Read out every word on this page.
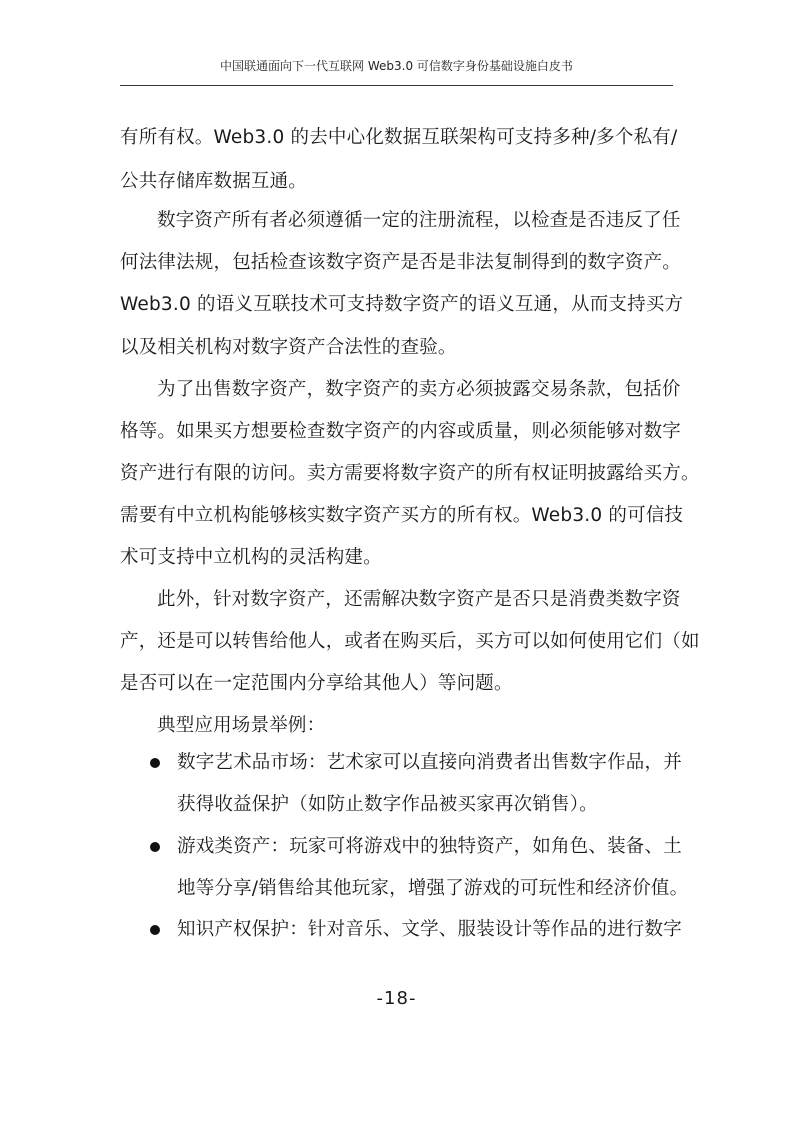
中国联通面向下一代互联网 Web3.0 可信数字身份基础设施白皮书
有所有权。Web3.0 的去中心化数据互联架构可支持多种/多个私有/
公共存储库数据互通。
数字资产所有者必须遵循一定的注册流程，以检查是否违反了任
何法律法规，包括检查该数字资产是否是非法复制得到的数字资产。
Web3.0 的语义互联技术可支持数字资产的语义互通，从而支持买方
以及相关机构对数字资产合法性的查验。
为了出售数字资产，数字资产的卖方必须披露交易条款，包括价
格等。如果买方想要检查数字资产的内容或质量，则必须能够对数字
资产进行有限的访问。卖方需要将数字资产的所有权证明披露给买方。
需要有中立机构能够核实数字资产买方的所有权。Web3.0 的可信技
术可支持中立机构的灵活构建。
此外，针对数字资产，还需解决数字资产是否只是消费类数字资
产，还是可以转售给他人，或者在购买后，买方可以如何使用它们（如
是否可以在一定范围内分享给其他人）等问题。
典型应用场景举例：
数字艺术品市场：艺术家可以直接向消费者出售数字作品，并
获得收益保护（如防止数字作品被买家再次销售）。
游戏类资产：玩家可将游戏中的独特资产，如角色、装备、土
地等分享/销售给其他玩家，增强了游戏的可玩性和经济价值。
知识产权保护：针对音乐、文学、服装设计等作品的进行数字
-18-
